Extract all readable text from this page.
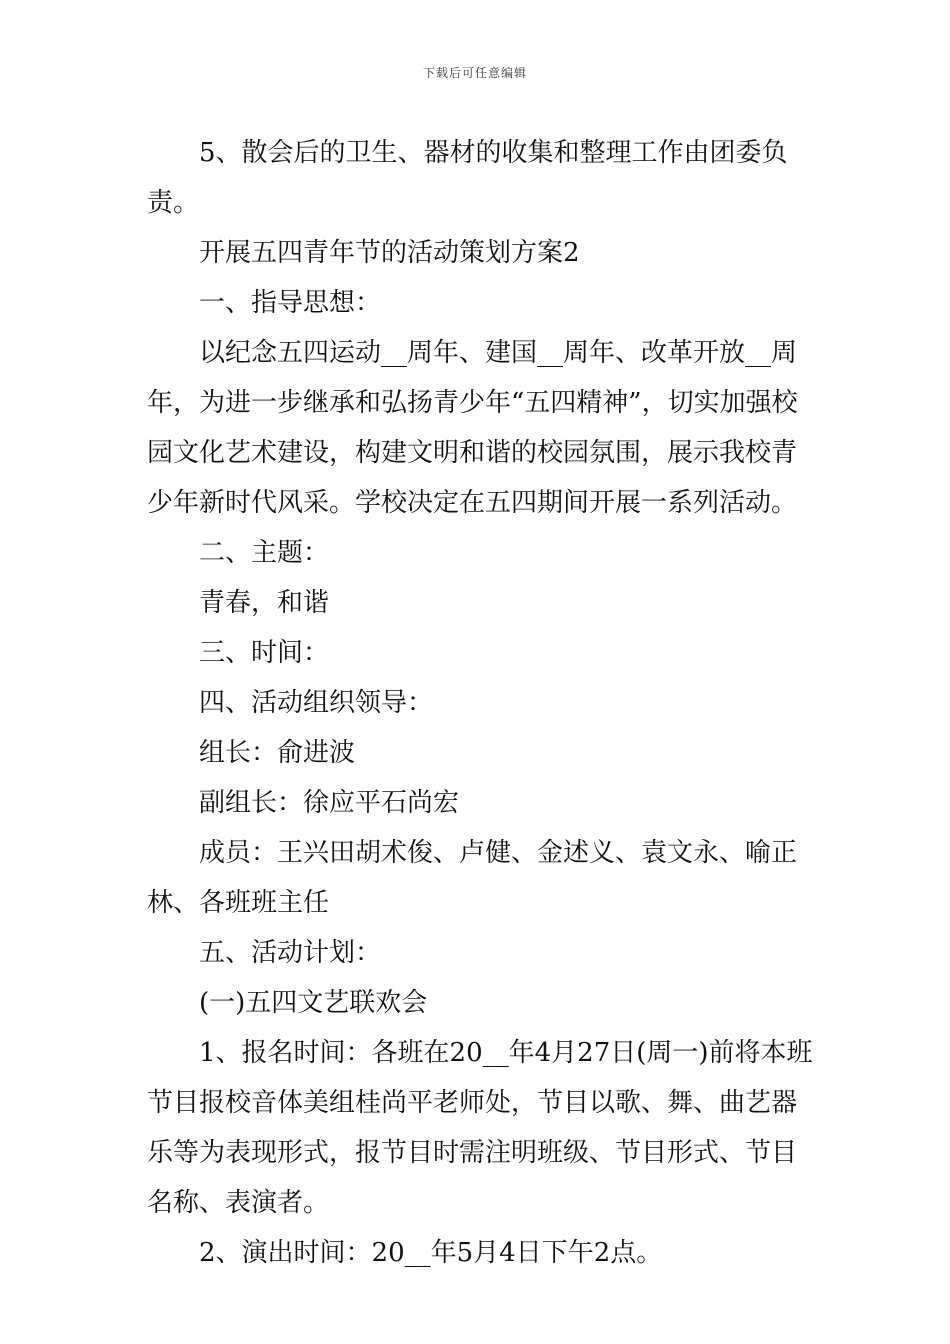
下载后可任意编辑

5、散会后的卫生、器材的收集和整理工作由团委负责。

开展五四青年节的活动策划方案2

一、指导思想：

以纪念五四运动__周年、建国__周年、改革开放__周年，为进一步继承和弘扬青少年“五四精神”，切实加强校园文化艺术建设，构建文明和谐的校园氛围，展示我校青少年新时代风采。学校决定在五四期间开展一系列活动。

二、主题：

青春，和谐

三、时间：

四、活动组织领导：

组长：俞进波

副组长：徐应平石尚宏

成员：王兴田胡术俊、卢健、金述义、袁文永、喻正林、各班班主任

五、活动计划：

(一)五四文艺联欢会

1、报名时间：各班在20__年4月27日(周一)前将本班节目报校音体美组桂尚平老师处，节目以歌、舞、曲艺器乐等为表现形式，报节目时需注明班级、节目形式、节目名称、表演者。

2、演出时间：20__年5月4日下午2点。
